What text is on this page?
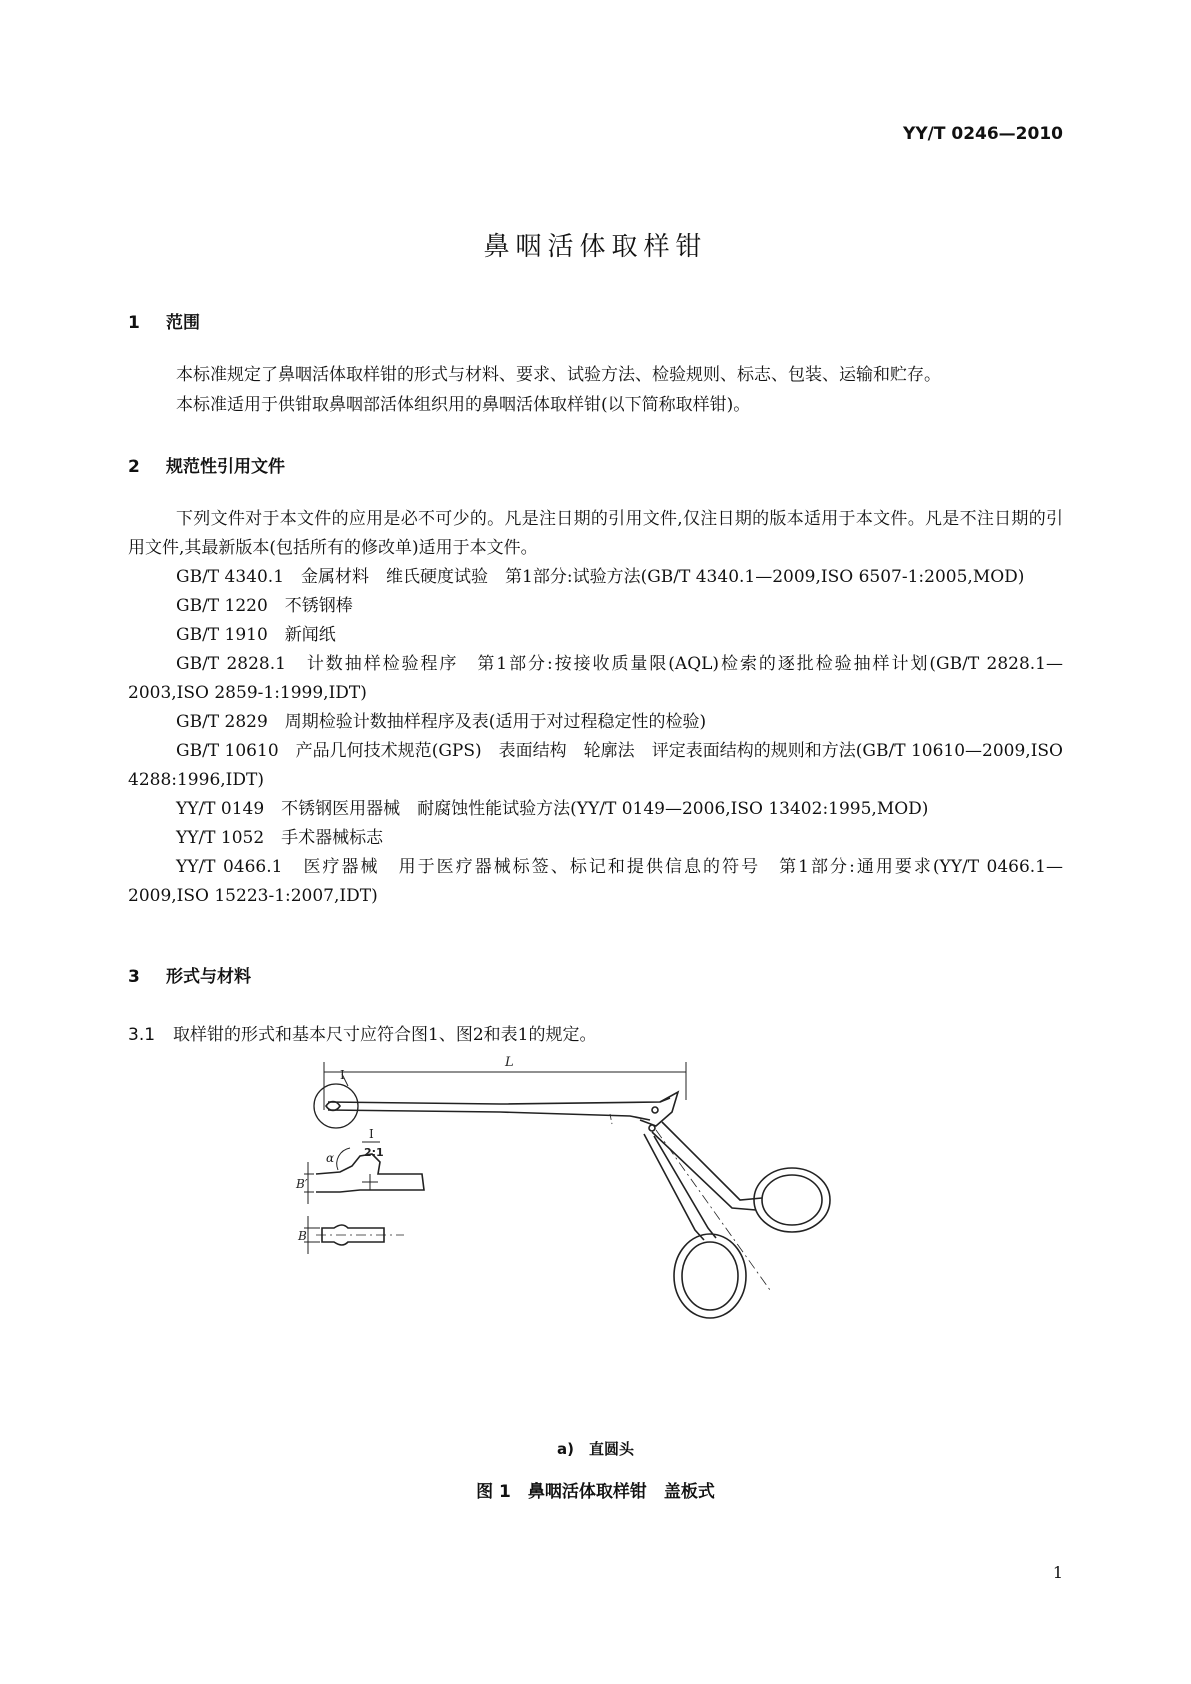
YY/T 0246—2010
鼻咽活体取样钳
1 范围
本标准规定了鼻咽活体取样钳的形式与材料、要求、试验方法、检验规则、标志、包装、运输和贮存。
本标准适用于供钳取鼻咽部活体组织用的鼻咽活体取样钳(以下简称取样钳)。
2 规范性引用文件
下列文件对于本文件的应用是必不可少的。凡是注日期的引用文件,仅注日期的版本适用于本文件。凡是不注日期的引用文件,其最新版本(包括所有的修改单)适用于本文件。
GB/T 4340.1　金属材料　维氏硬度试验　第1部分:试验方法(GB/T 4340.1—2009,ISO 6507-1:2005,MOD)
GB/T 1220　不锈钢棒
GB/T 1910　新闻纸
GB/T 2828.1　计数抽样检验程序　第1部分:按接收质量限(AQL)检索的逐批检验抽样计划(GB/T 2828.1—2003,ISO 2859-1:1999,IDT)
GB/T 2829　周期检验计数抽样程序及表(适用于对过程稳定性的检验)
GB/T 10610　产品几何技术规范(GPS)　表面结构　轮廓法　评定表面结构的规则和方法(GB/T 10610—2009,ISO 4288:1996,IDT)
YY/T 0149　不锈钢医用器械　耐腐蚀性能试验方法(YY/T 0149—2006,ISO 13402:1995,MOD)
YY/T 1052　手术器械标志
YY/T 0466.1　医疗器械　用于医疗器械标签、标记和提供信息的符号　第1部分:通用要求(YY/T 0466.1—2009,ISO 15223-1:2007,IDT)
3 形式与材料
3.1 取样钳的形式和基本尺寸应符合图1、图2和表1的规定。
L
I
I
2:1
B′
α
B
a)　直圆头
图 1　鼻咽活体取样钳　盖板式
1
